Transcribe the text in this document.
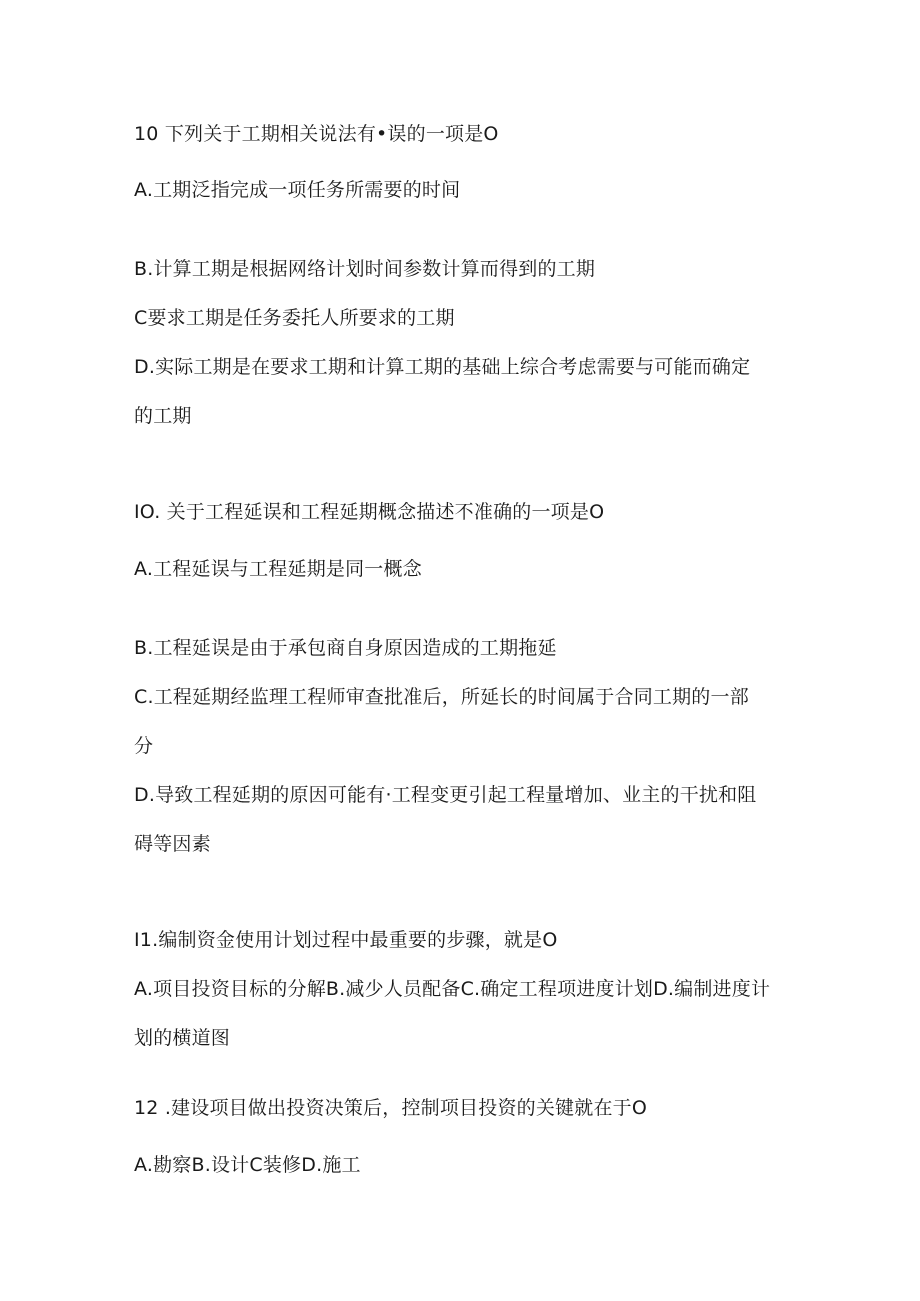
10 下列关于工期相关说法有•误的一项是O
A.工期泛指完成一项任务所需要的时间
B.计算工期是根据网络计划时间参数计算而得到的工期
C要求工期是任务委托人所要求的工期
D.实际工期是在要求工期和计算工期的基础上综合考虑需要与可能而确定
的工期
IO. 关于工程延误和工程延期概念描述不准确的一项是O
A.工程延误与工程延期是同一概念
B.工程延误是由于承包商自身原因造成的工期拖延
C.工程延期经监理工程师审查批准后，所延长的时间属于合同工期的一部
分
D.导致工程延期的原因可能有·工程变更引起工程量增加、业主的干扰和阻
碍等因素
I1.编制资金使用计划过程中最重要的步骤，就是O
A.项目投资目标的分解B.减少人员配备C.确定工程项进度计划D.编制进度计
划的横道图
12 .建设项目做出投资决策后，控制项目投资的关键就在于O
A.勘察B.设计C装修D.施工
